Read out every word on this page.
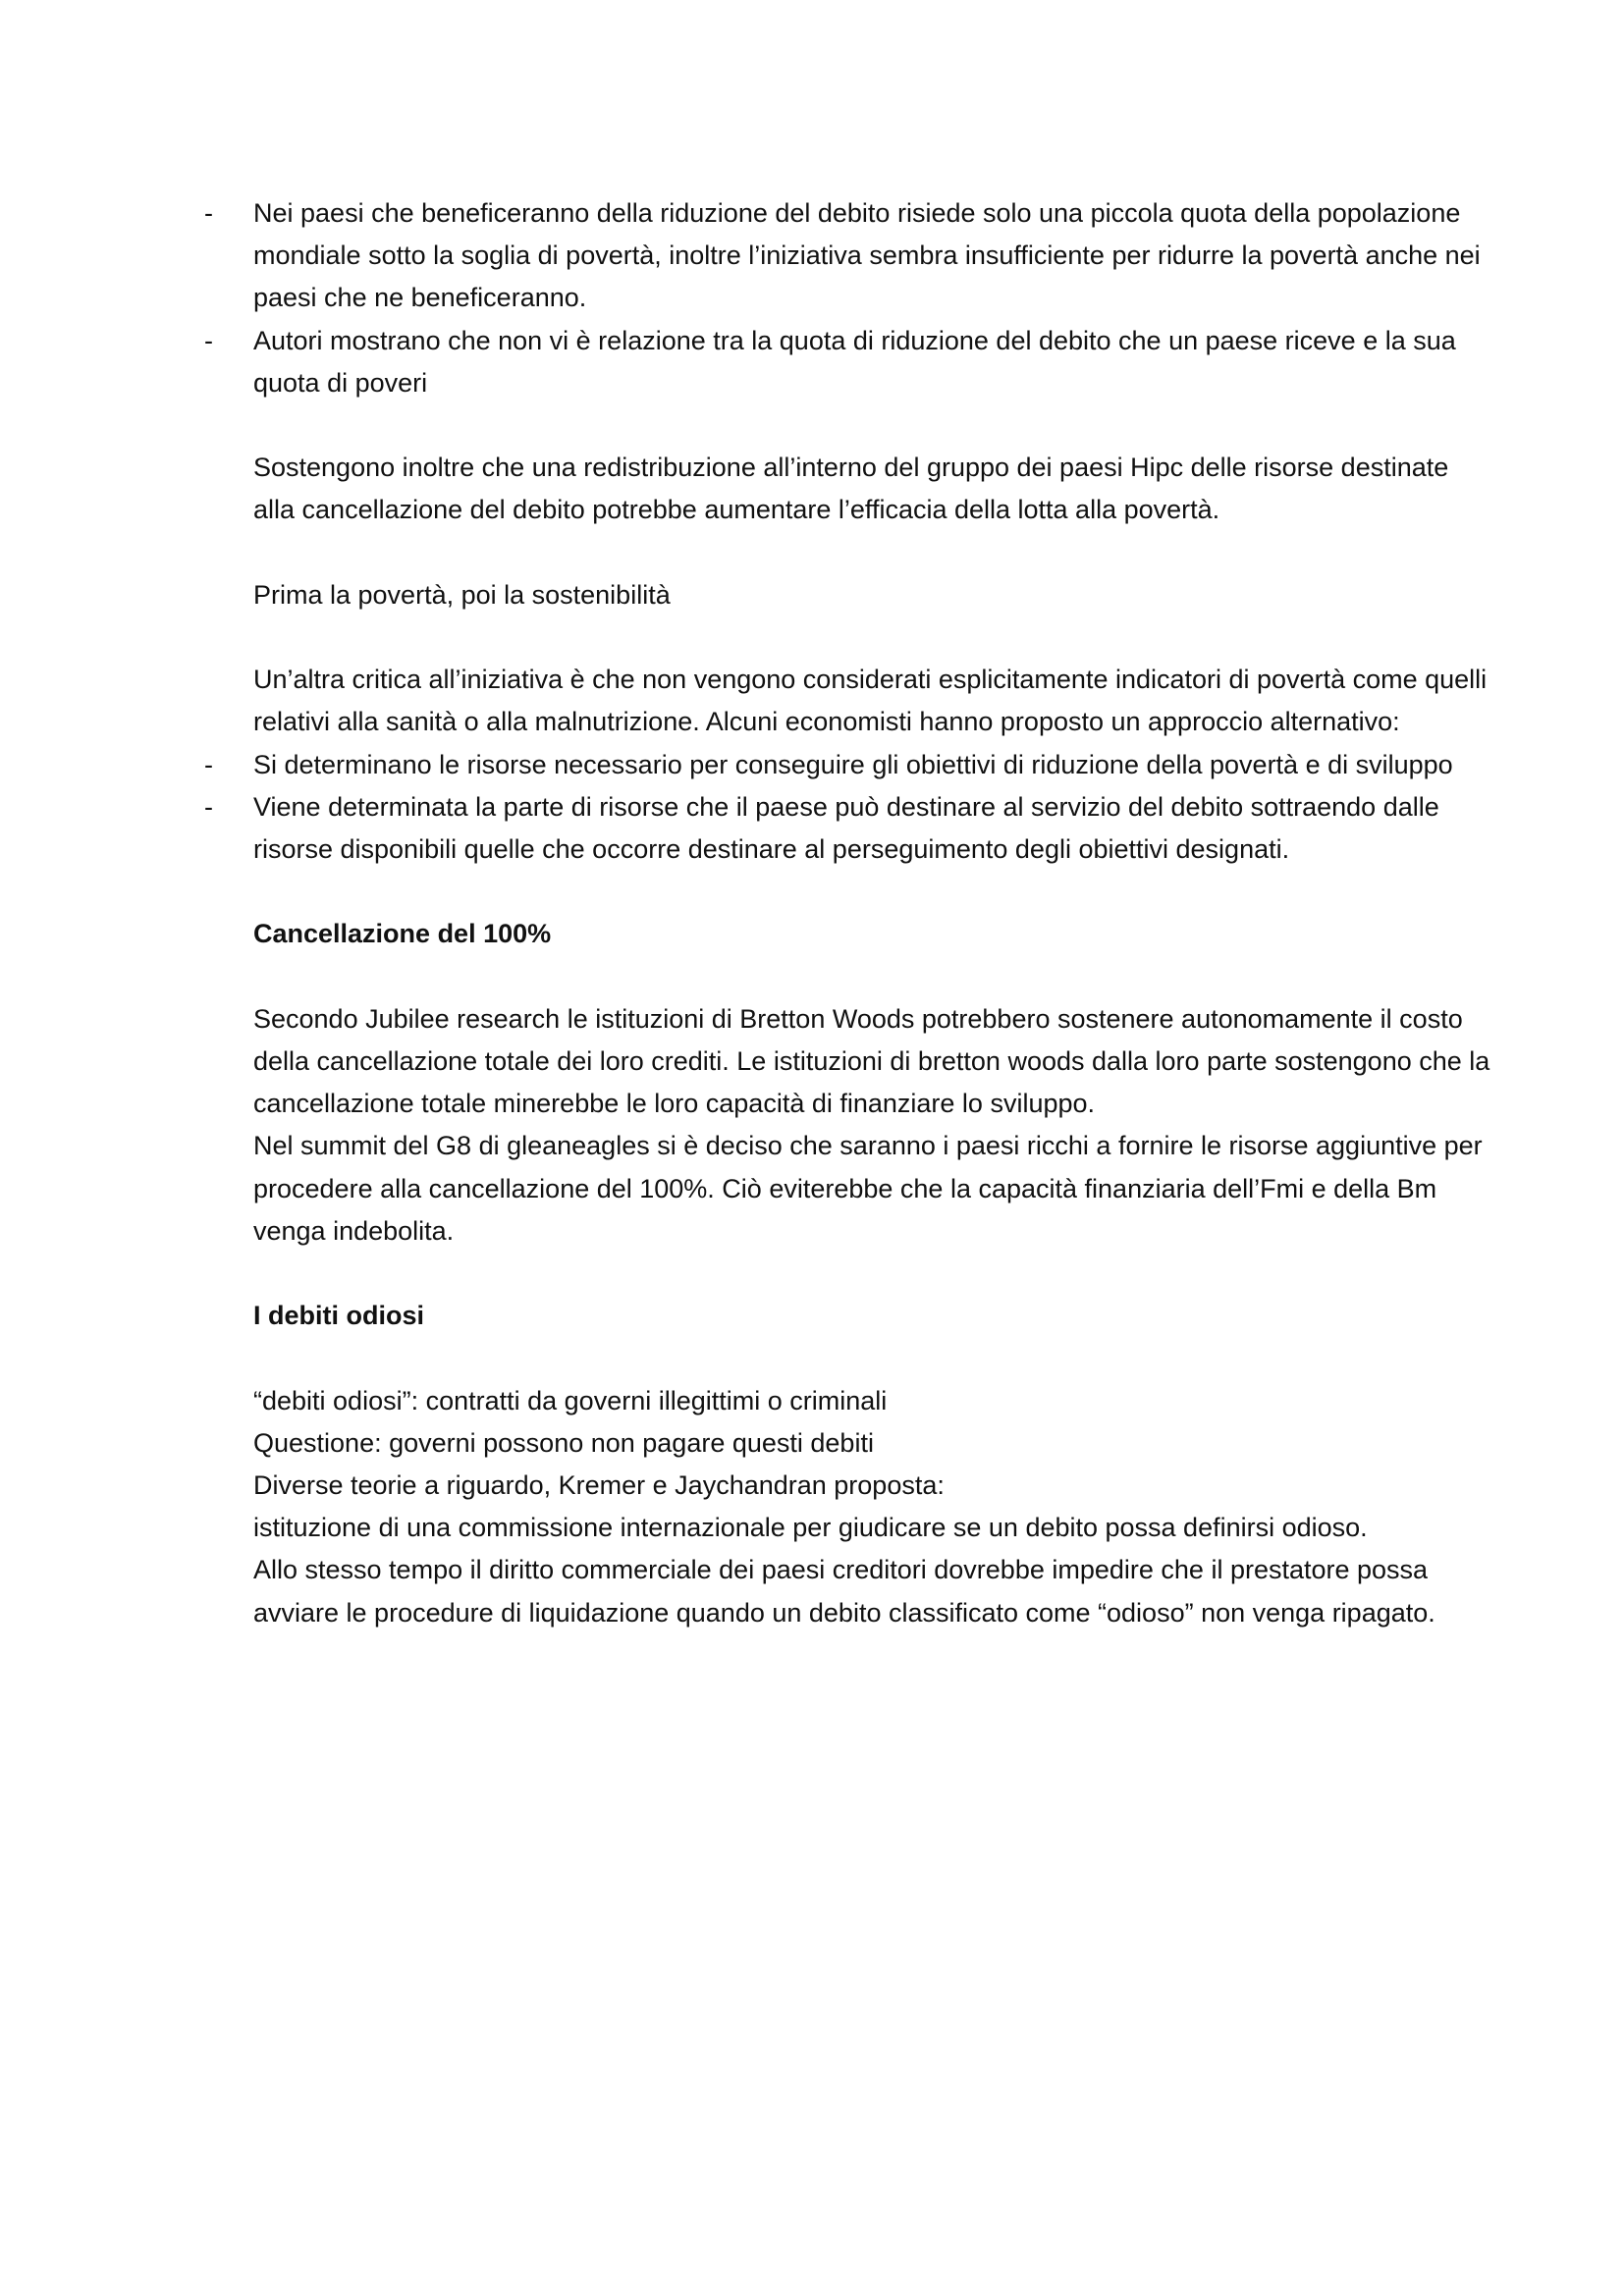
- Nei paesi che beneficeranno della riduzione del debito risiede solo una piccola quota della popolazione mondiale sotto la soglia di povertà, inoltre l’iniziativa sembra insufficiente per ridurre la povertà anche nei paesi che ne beneficeranno.

- Autori mostrano che non vi è relazione tra la quota di riduzione del debito che un paese riceve e la sua quota di poveri

Sostengono inoltre che una redistribuzione all’interno del gruppo dei paesi Hipc delle risorse destinate alla cancellazione del debito potrebbe aumentare l’efficacia della lotta alla povertà.

Prima la povertà, poi la sostenibilità

Un’altra critica all’iniziativa è che non vengono considerati esplicitamente indicatori di povertà come quelli relativi alla sanità o alla malnutrizione. Alcuni economisti hanno proposto un approccio alternativo:

- Si determinano le risorse necessario per conseguire gli obiettivi di riduzione della povertà e di sviluppo

- Viene determinata la parte di risorse che il paese può destinare al servizio del debito sottraendo dalle risorse disponibili quelle che occorre destinare al perseguimento degli obiettivi designati.

Cancellazione del 100%

Secondo Jubilee research le istituzioni di Bretton Woods potrebbero sostenere autonomamente il costo della cancellazione totale dei loro crediti. Le istituzioni di bretton woods dalla loro parte sostengono che la cancellazione totale minerebbe le loro capacità di finanziare lo sviluppo.

Nel summit del G8 di gleaneagles si è deciso che saranno i paesi ricchi a fornire le risorse aggiuntive per procedere alla cancellazione del 100%. Ciò eviterebbe che la capacità finanziaria dell’Fmi e della Bm venga indebolita.

I debiti odiosi

“debiti odiosi”: contratti da governi illegittimi o criminali

Questione: governi possono non pagare questi debiti

Diverse teorie a riguardo, Kremer e Jaychandran proposta:

istituzione di una commissione internazionale per giudicare se un debito possa definirsi odioso.

Allo stesso tempo il diritto commerciale dei paesi creditori dovrebbe impedire che il prestatore possa avviare le procedure di liquidazione quando un debito classificato come “odioso” non venga ripagato.
